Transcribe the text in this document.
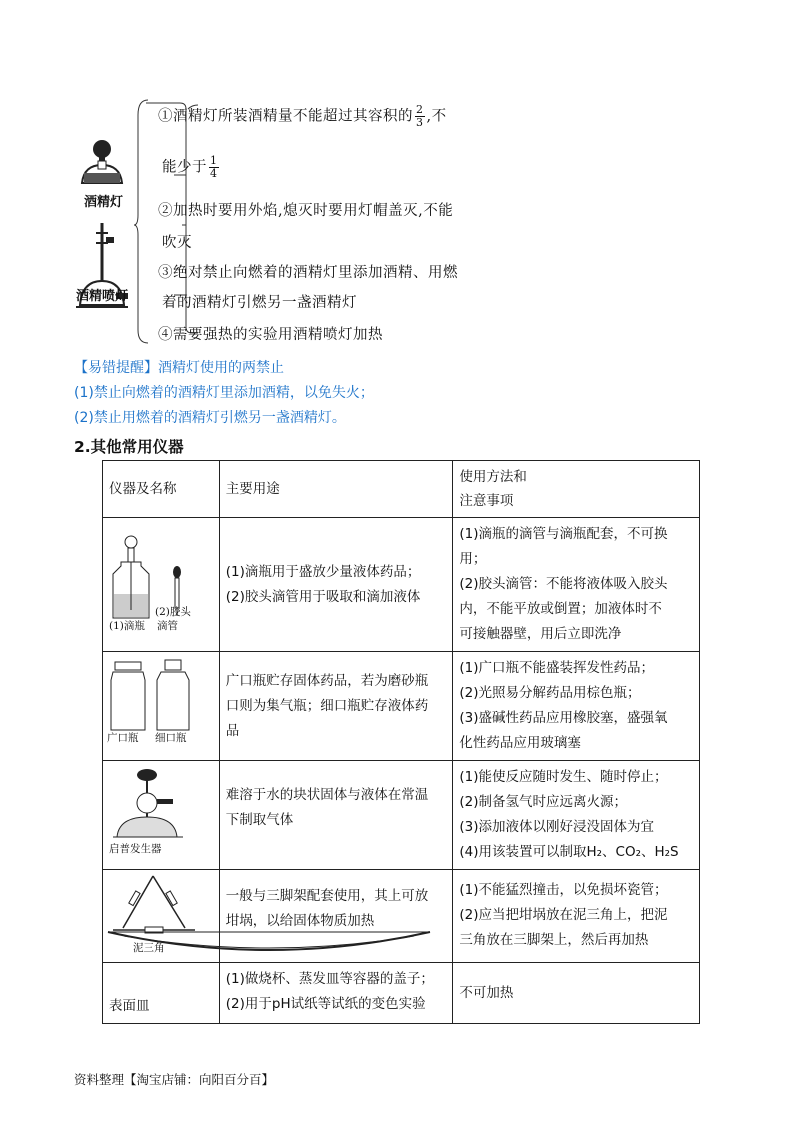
酒精灯
酒精喷灯
①酒精灯所装酒精量不能超过其容积的 $\frac{2}{3}$ ,不
能少于 $\frac{1}{4}$
②加热时要用外焰,熄灭时要用灯帽盖灭,不能
吹灭
③绝对禁止向燃着的酒精灯里添加酒精、用燃
着的酒精灯引燃另一盏酒精灯
④需要强热的实验用酒精喷灯加热
【易错提醒】酒精灯使用的两禁止
(1)禁止向燃着的酒精灯里添加酒精，以免失火；
(2)禁止用燃着的酒精灯引燃另一盏酒精灯。
2.其他常用仪器
仪器及名称	主要用途	使用方法和
注意事项

(1)滴瓶
(2)胶头
滴管	(1)滴瓶用于盛放少量液体药品；
(2)胶头滴管用于吸取和滴加液体	(1)滴瓶的滴管与滴瓶配套，不可换
用；
(2)胶头滴管：不能将液体吸入胶头
内，不能平放或倒置；加液体时不
可接触器壁，用后立即洗净

广口瓶 细口瓶	广口瓶贮存固体药品，若为磨砂瓶
口则为集气瓶；细口瓶贮存液体药
品	(1)广口瓶不能盛装挥发性药品；
(2)光照易分解药品用棕色瓶；
(3)盛碱性药品应用橡胶塞，盛强氧
化性药品应用玻璃塞

启普发生器	难溶于水的块状固体与液体在常温
下制取气体	(1)能使反应随时发生、随时停止；
(2)制备氢气时应远离火源；
(3)添加液体以刚好浸没固体为宜
(4)用该装置可以制取H₂、CO₂、H₂S

泥三角	一般与三脚架配套使用，其上可放
坩埚，以给固体物质加热	(1)不能猛烈撞击，以免损坏瓷管；
(2)应当把坩埚放在泥三角上，把泥
三角放在三脚架上，然后再加热

表面皿	(1)做烧杯、蒸发皿等容器的盖子；
(2)用于pH试纸等试纸的变色实验	不可加热
资料整理【淘宝店铺：向阳百分百】
